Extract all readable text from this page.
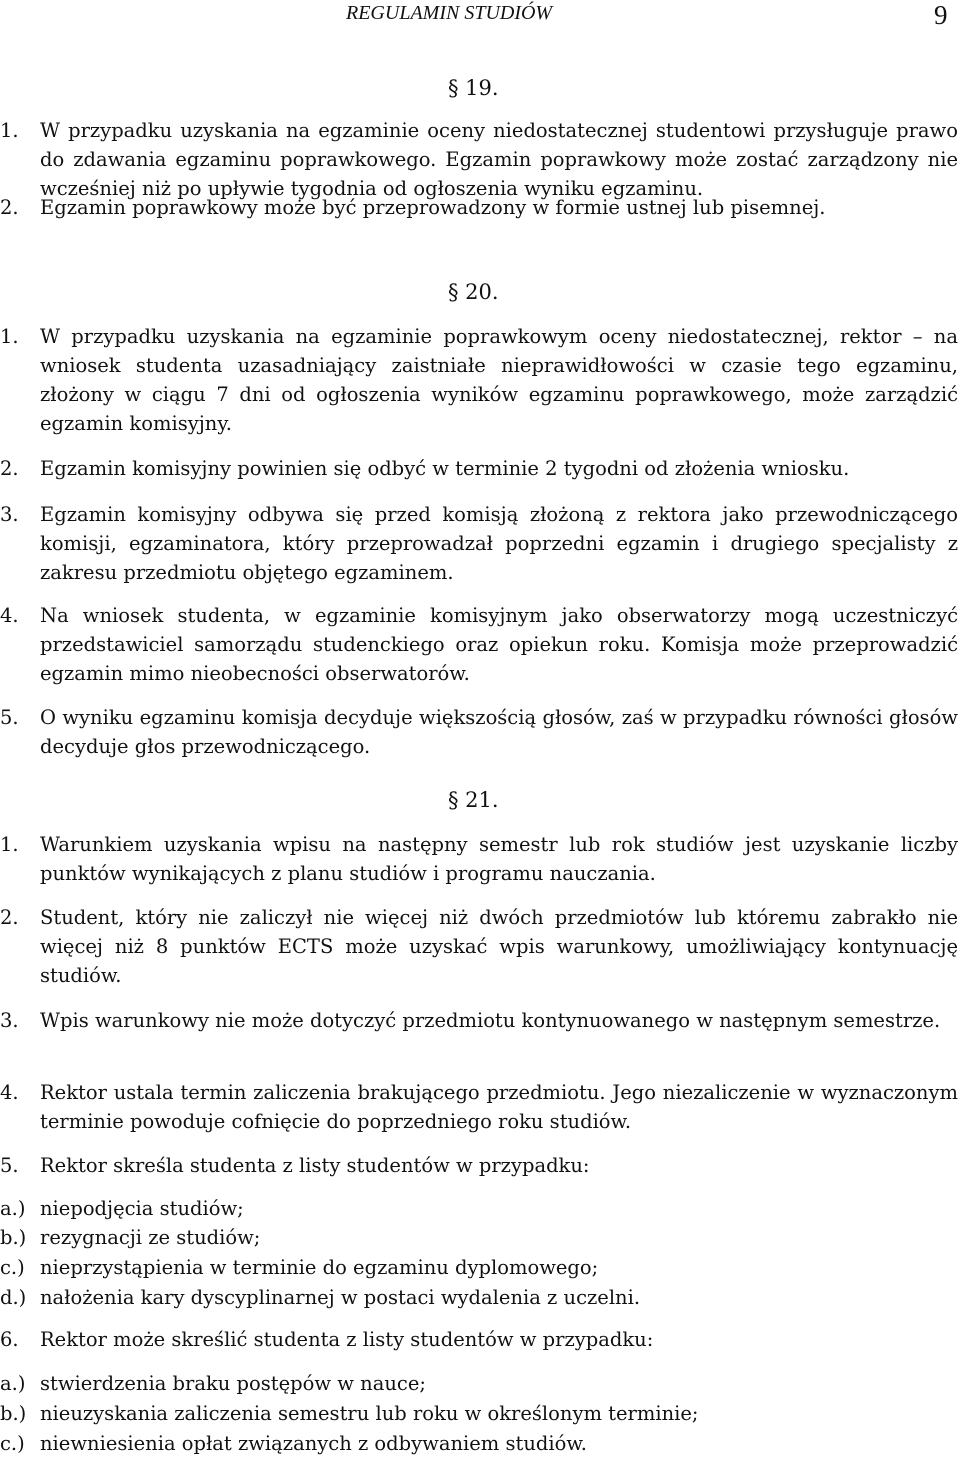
REGULAMIN STUDIÓW	9
§ 19.
1. W przypadku uzyskania na egzaminie oceny niedostatecznej studentowi przysługuje prawo do zdawania egzaminu poprawkowego. Egzamin poprawkowy może zostać zarządzony nie wcześniej niż po upływie tygodnia od ogłoszenia wyniku egzaminu.
2. Egzamin poprawkowy może być przeprowadzony w formie ustnej lub pisemnej.
§ 20.
1. W przypadku uzyskania na egzaminie poprawkowym oceny niedostatecznej, rektor – na wniosek studenta uzasadniający zaistniałe nieprawidłowości w czasie tego egzaminu, złożony w ciągu 7 dni od ogłoszenia wyników egzaminu poprawkowego, może zarządzić egzamin komisyjny.
2. Egzamin komisyjny powinien się odbyć w terminie 2 tygodni od złożenia wniosku.
3. Egzamin komisyjny odbywa się przed komisją złożoną z rektora jako przewodniczącego komisji, egzaminatora, który przeprowadzał poprzedni egzamin i drugiego specjalisty z zakresu przedmiotu objętego egzaminem.
4. Na wniosek studenta, w egzaminie komisyjnym jako obserwatorzy mogą uczestniczyć przedstawiciel samorządu studenckiego oraz opiekun roku. Komisja może przeprowadzić egzamin mimo nieobecności obserwatorów.
5. O wyniku egzaminu komisja decyduje większością głosów, zaś w przypadku równości głosów decyduje głos przewodniczącego.
§ 21.
1. Warunkiem uzyskania wpisu na następny semestr lub rok studiów jest uzyskanie liczby punktów wynikających z planu studiów i programu nauczania.
2. Student, który nie zaliczył nie więcej niż dwóch przedmiotów lub któremu zabrakło nie więcej niż 8 punktów ECTS może uzyskać wpis warunkowy, umożliwiający kontynuację studiów.
3. Wpis warunkowy nie może dotyczyć przedmiotu kontynuowanego w następnym semestrze.
4. Rektor ustala termin zaliczenia brakującego przedmiotu. Jego niezaliczenie w wyznaczonym terminie powoduje cofnięcie do poprzedniego roku studiów.
5. Rektor skreśla studenta z listy studentów w przypadku:
a.) niepodjęcia studiów;
b.) rezygnacji ze studiów;
c.) nieprzystąpienia w terminie do egzaminu dyplomowego;
d.) nałożenia kary dyscyplinarnej w postaci wydalenia z uczelni.
6. Rektor może skreślić studenta z listy studentów w przypadku:
a.) stwierdzenia braku postępów w nauce;
b.) nieuzyskania zaliczenia semestru lub roku w określonym terminie;
c.) niewniesienia opłat związanych z odbywaniem studiów.
